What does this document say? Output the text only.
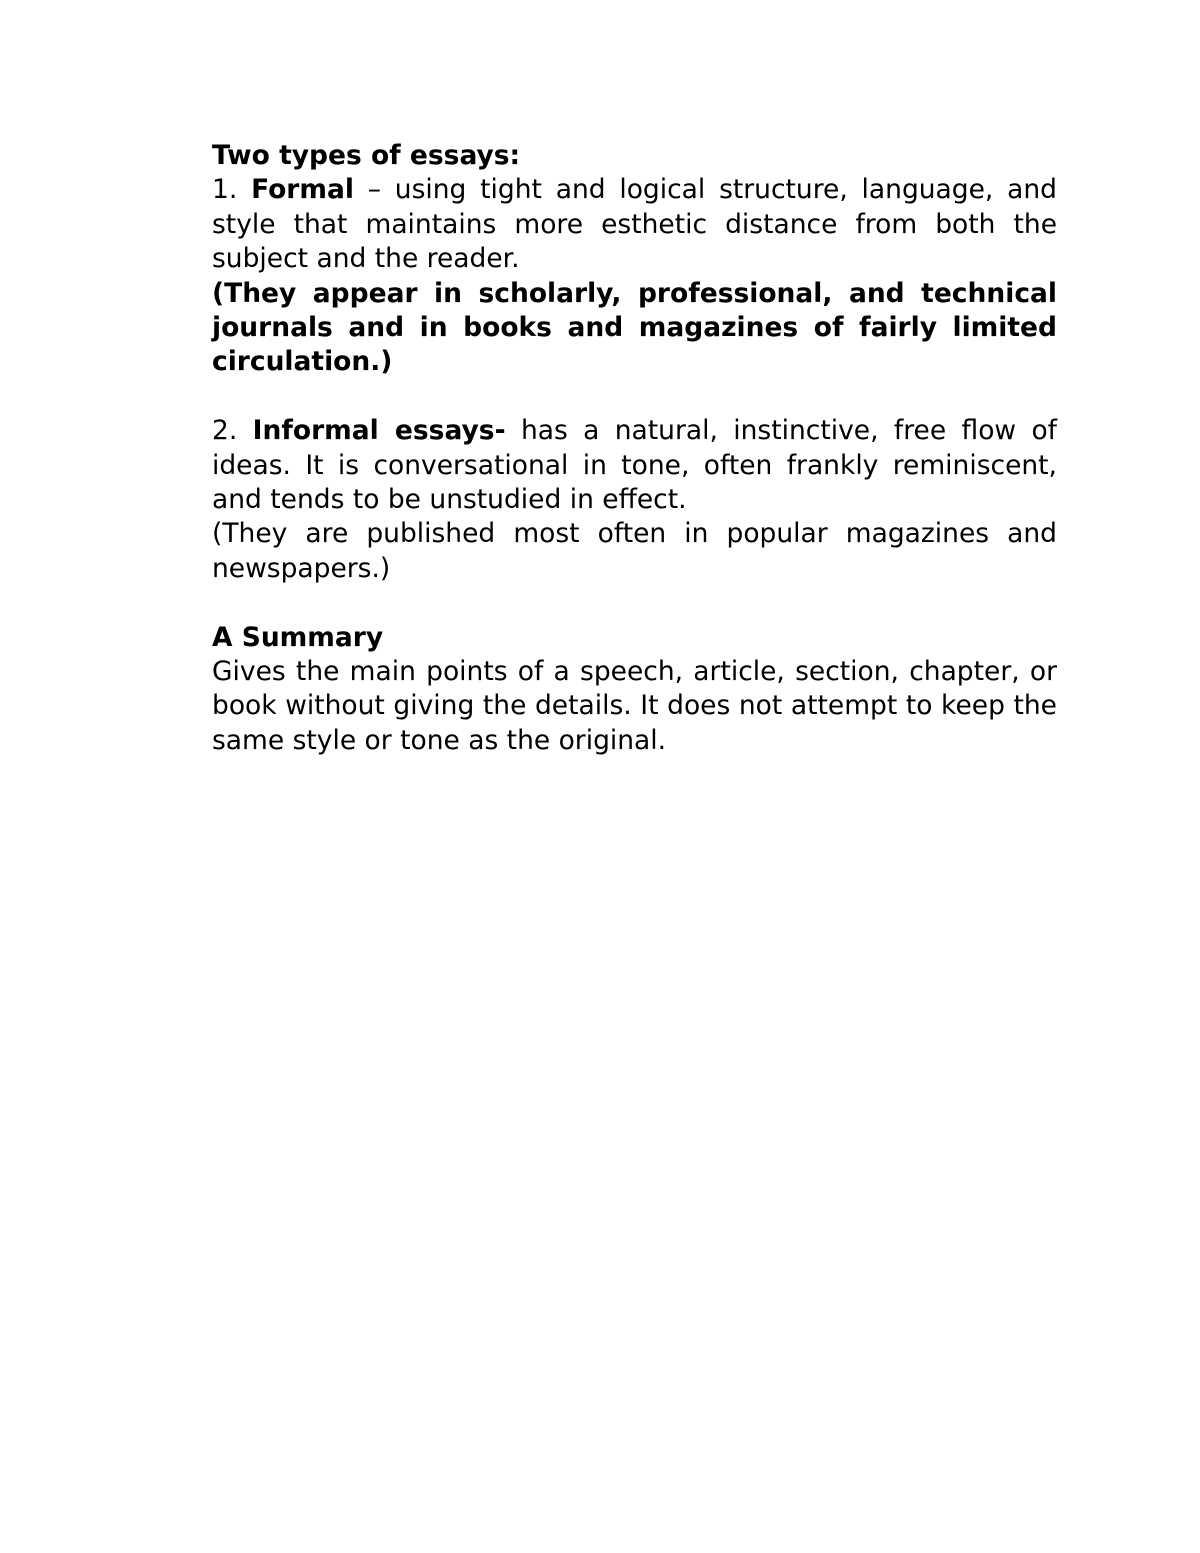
Two types of essays:

1. Formal – using tight and logical structure, language, and style that maintains more esthetic distance from both the subject and the reader.

(They appear in scholarly, professional, and technical journals and in books and magazines of fairly limited circulation.)

2. Informal essays- has a natural, instinctive, free flow of ideas. It is conversational in tone, often frankly reminiscent, and tends to be unstudied in effect.

(They are published most often in popular magazines and newspapers.)

A Summary

Gives the main points of a speech, article, section, chapter, or book without giving the details. It does not attempt to keep the same style or tone as the original.
